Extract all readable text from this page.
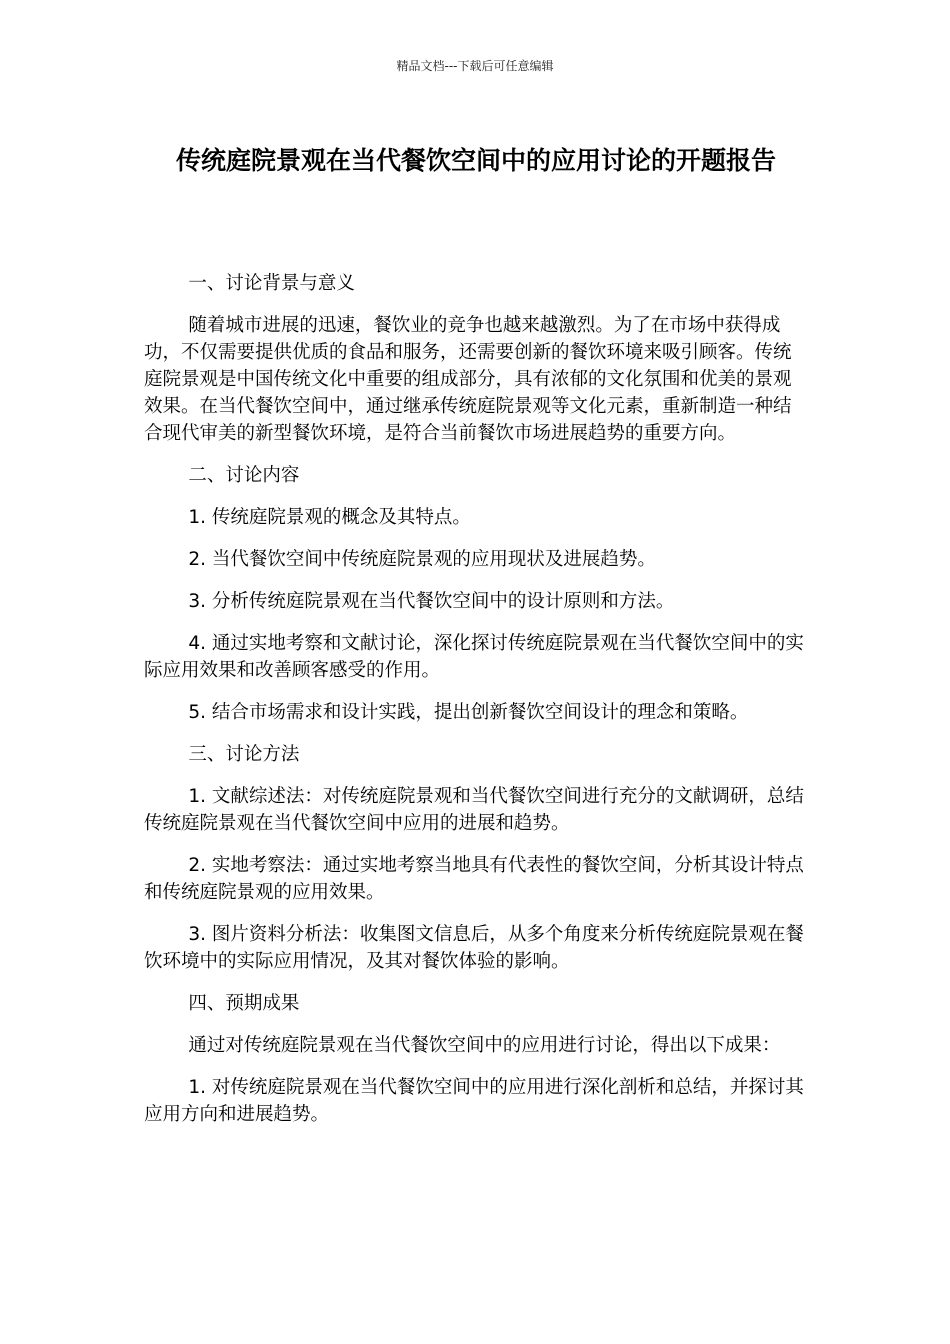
精品文档---下载后可任意编辑
传统庭院景观在当代餐饮空间中的应用讨论的开题报告

一、讨论背景与意义

随着城市进展的迅速，餐饮业的竞争也越来越激烈。为了在市场中获得成功，不仅需要提供优质的食品和服务，还需要创新的餐饮环境来吸引顾客。传统庭院景观是中国传统文化中重要的组成部分，具有浓郁的文化氛围和优美的景观效果。在当代餐饮空间中，通过继承传统庭院景观等文化元素，重新制造一种结合现代审美的新型餐饮环境，是符合当前餐饮市场进展趋势的重要方向。

二、讨论内容

1. 传统庭院景观的概念及其特点。

2. 当代餐饮空间中传统庭院景观的应用现状及进展趋势。

3. 分析传统庭院景观在当代餐饮空间中的设计原则和方法。

4. 通过实地考察和文献讨论，深化探讨传统庭院景观在当代餐饮空间中的实际应用效果和改善顾客感受的作用。

5. 结合市场需求和设计实践，提出创新餐饮空间设计的理念和策略。

三、讨论方法

1. 文献综述法：对传统庭院景观和当代餐饮空间进行充分的文献调研，总结传统庭院景观在当代餐饮空间中应用的进展和趋势。

2. 实地考察法：通过实地考察当地具有代表性的餐饮空间，分析其设计特点和传统庭院景观的应用效果。

3. 图片资料分析法：收集图文信息后，从多个角度来分析传统庭院景观在餐饮环境中的实际应用情况，及其对餐饮体验的影响。

四、预期成果

通过对传统庭院景观在当代餐饮空间中的应用进行讨论，得出以下成果：

1. 对传统庭院景观在当代餐饮空间中的应用进行深化剖析和总结，并探讨其应用方向和进展趋势。
